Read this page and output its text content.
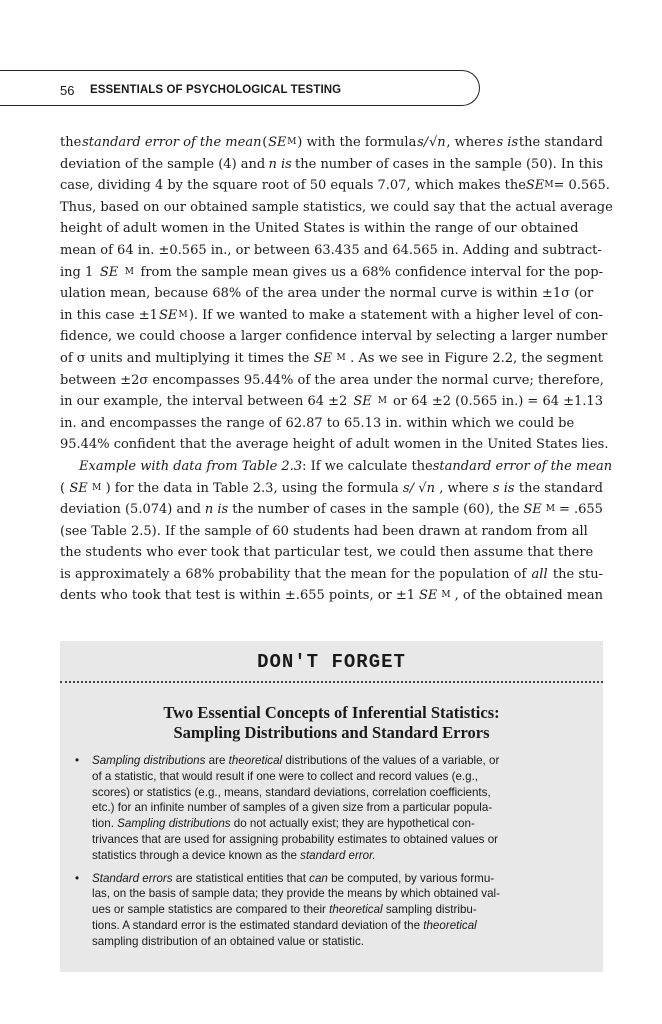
56 ESSENTIALS OF PSYCHOLOGICAL TESTING
the standard error of the mean ( SE M ) with the formula s/ √n , where s is the standard
deviation of the sample (4) and n is the number of cases in the sample (50). In this
case, dividing 4 by the square root of 50 equals 7.07, which makes the SE M = 0.565.
Thus, based on our obtained sample statistics, we could say that the actual average
height of adult women in the United States is within the range of our obtained
mean of 64 in. ±0.565 in., or between 63.435 and 64.565 in. Adding and subtract-
ing 1 SE M from the sample mean gives us a 68% confidence interval for the pop-
ulation mean, because 68% of the area under the normal curve is within ±1σ (or
in this case ±1 SE M ). If we wanted to make a statement with a higher level of con-
fidence, we could choose a larger confidence interval by selecting a larger number
of σ units and multiplying it times the SE M . As we see in Figure 2.2, the segment
between ±2σ encompasses 95.44% of the area under the normal curve; therefore,
in our example, the interval between 64 ±2 SE M or 64 ±2 (0.565 in.) = 64 ±1.13
in. and encompasses the range of 62.87 to 65.13 in. within which we could be
95.44% confident that the average height of adult women in the United States lies.
Example with data from Table 2.3 : If we calculate the standard error of the mean
( SE M ) for the data in Table 2.3, using the formula s/ √n , where s is the standard
deviation (5.074) and n is the number of cases in the sample (60), the SE M = .655
(see Table 2.5). If the sample of 60 students had been drawn at random from all
the students who ever took that particular test, we could then assume that there
is approximately a 68% probability that the mean for the population of all the stu-
dents who took that test is within ±.655 points, or ±1 SE M , of the obtained mean
DON'T FORGET
Two Essential Concepts of Inferential Statistics:
Sampling Distributions and Standard Errors
• Sampling distributions are theoretical distributions of the values of a variable, or
of a statistic, that would result if one were to collect and record values (e.g.,
scores) or statistics (e.g., means, standard deviations, correlation coefficients,
etc.) for an infinite number of samples of a given size from a particular popula-
tion. Sampling distributions do not actually exist; they are hypothetical con-
trivances that are used for assigning probability estimates to obtained values or
statistics through a device known as the standard error.
• Standard errors are statistical entities that can be computed, by various formu-
las, on the basis of sample data; they provide the means by which obtained val-
ues or sample statistics are compared to their theoretical sampling distribu-
tions. A standard error is the estimated standard deviation of the theoretical
sampling distribution of an obtained value or statistic.
